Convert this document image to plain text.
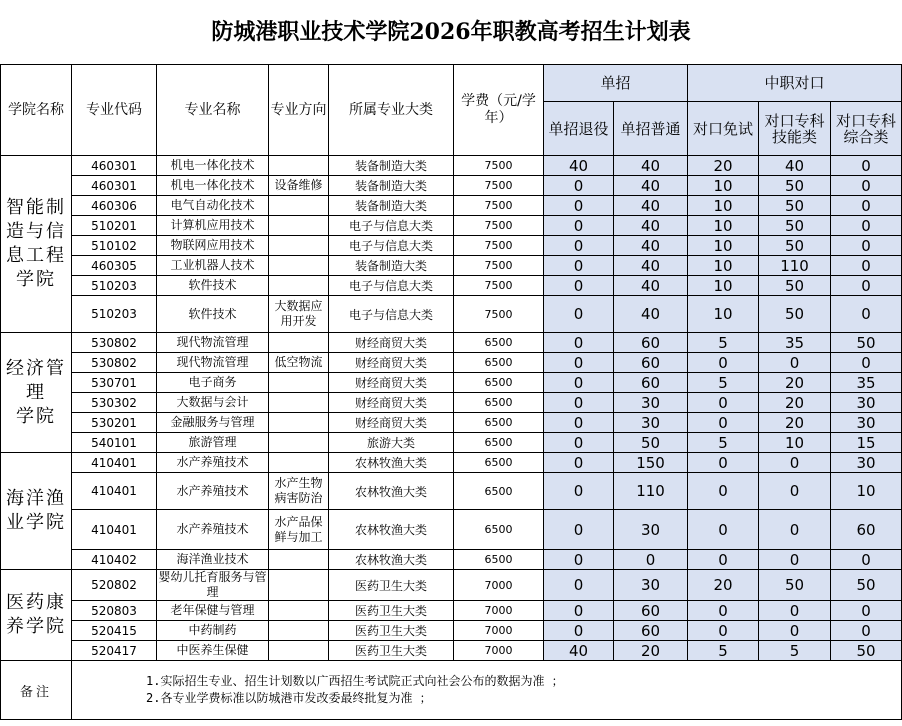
防城港职业技术学院2026年职教高考招生计划表
学院名称	专业代码	专业名称	专业方向	所属专业大类	学费（元/学年）	单招		中职对口		
						单招退役	单招普通	对口免试	对口专科技能类	对口专科综合类

智能制
造与信
息工程
学院	460301	机电一体化技术		装备制造大类	7500	40	40	20	40	0
	460301	机电一体化技术	设备维修	装备制造大类	7500	0	40	10	50	0
	460306	电气自动化技术		装备制造大类	7500	0	40	10	50	0
	510201	计算机应用技术		电子与信息大类	7500	0	40	10	50	0
	510102	物联网应用技术		电子与信息大类	7500	0	40	10	50	0
	460305	工业机器人技术		装备制造大类	7500	0	40	10	110	0
	510203	软件技术		电子与信息大类	7500	0	40	10	50	0
	510203	软件技术	大数据应用开发	电子与信息大类	7500	0	40	10	50	0

经济管理
学院	530802	现代物流管理		财经商贸大类	6500	0	60	5	35	50
	530802	现代物流管理	低空物流	财经商贸大类	6500	0	60	0	0	0
	530701	电子商务		财经商贸大类	6500	0	60	5	20	35
	530302	大数据与会计		财经商贸大类	6500	0	30	0	20	30
	530201	金融服务与管理		财经商贸大类	6500	0	30	0	20	30
	540101	旅游管理		旅游大类	6500	0	50	5	10	15

海洋渔
业学院	410401	水产养殖技术		农林牧渔大类	6500	0	150	0	0	30
	410401	水产养殖技术	水产生物病害防治	农林牧渔大类	6500	0	110	0	0	10
	410401	水产养殖技术	水产品保鲜与加工	农林牧渔大类	6500	0	30	0	0	60
	410402	海洋渔业技术		农林牧渔大类	6500	0	0	0	0	0

医药康
养学院	520802	婴幼儿托育服务与管理		医药卫生大类	7000	0	30	20	50	50
	520803	老年保健与管理		医药卫生大类	7000	0	60	0	0	0
	520415	中药制药		医药卫生大类	7000	0	60	0	0	0
	520417	中医养生保健		医药卫生大类	7000	40	20	5	5	50
备注	1.实际招生专业、招生计划数以广西招生考试院正式向社会公布的数据为准 ；
2.各专业学费标准以防城港市发改委最终批复为准 ；									
